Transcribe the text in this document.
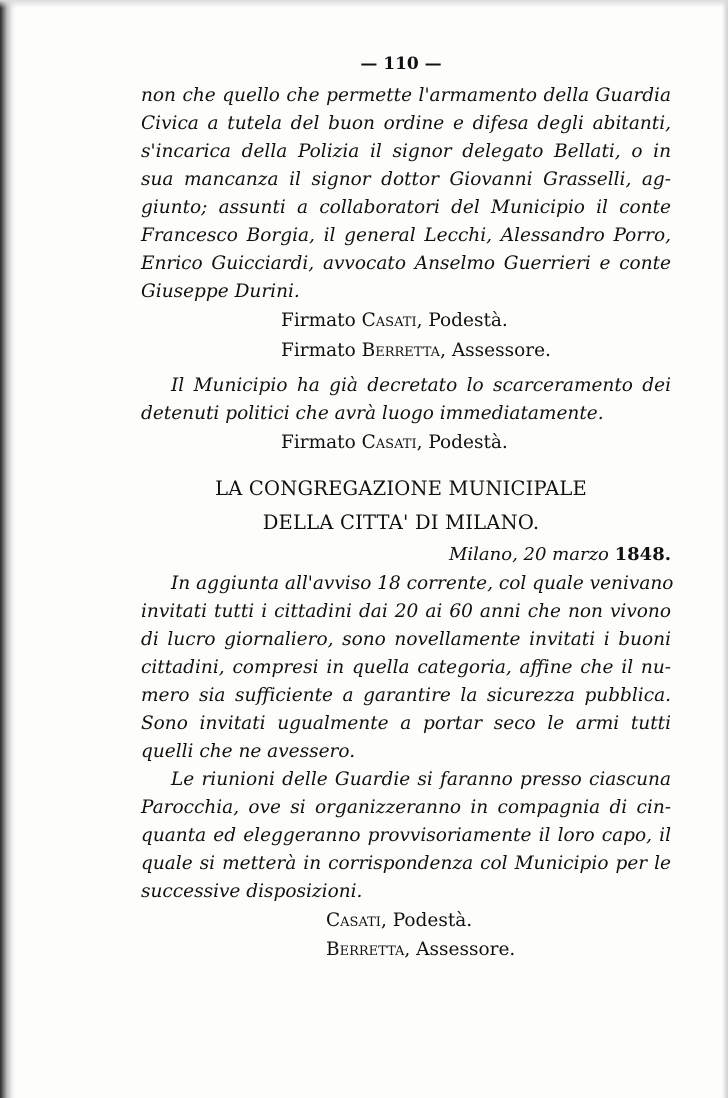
— 110 —
non che quello che permette l'armamento della Guardia
Civica a tutela del buon ordine e difesa degli abitanti,
s'incarica della Polizia il signor delegato Bellati, o in
sua mancanza il signor dottor Giovanni Grasselli, ag-
giunto; assunti a collaboratori del Municipio il conte
Francesco Borgia, il general Lecchi, Alessandro Porro,
Enrico Guicciardi, avvocato Anselmo Guerrieri e conte
Giuseppe Durini.
Firmato Casati, Podestà.
Firmato Berretta, Assessore.
Il Municipio ha già decretato lo scarceramento dei
detenuti politici che avrà luogo immediatamente.
Firmato Casati, Podestà.
LA CONGREGAZIONE MUNICIPALE
DELLA CITTA' DI MILANO.
Milano, 20 marzo 1848.
In aggiunta all'avviso 18 corrente, col quale venivano
invitati tutti i cittadini dai 20 ai 60 anni che non vivono
di lucro giornaliero, sono novellamente invitati i buoni
cittadini, compresi in quella categoria, affine che il nu-
mero sia sufficiente a garantire la sicurezza pubblica.
Sono invitati ugualmente a portar seco le armi tutti
quelli che ne avessero.
Le riunioni delle Guardie si faranno presso ciascuna
Parocchia, ove si organizzeranno in compagnia di cin-
quanta ed eleggeranno provvisoriamente il loro capo, il
quale si metterà in corrispondenza col Municipio per le
successive disposizioni.
Casati, Podestà.
Berretta, Assessore.
